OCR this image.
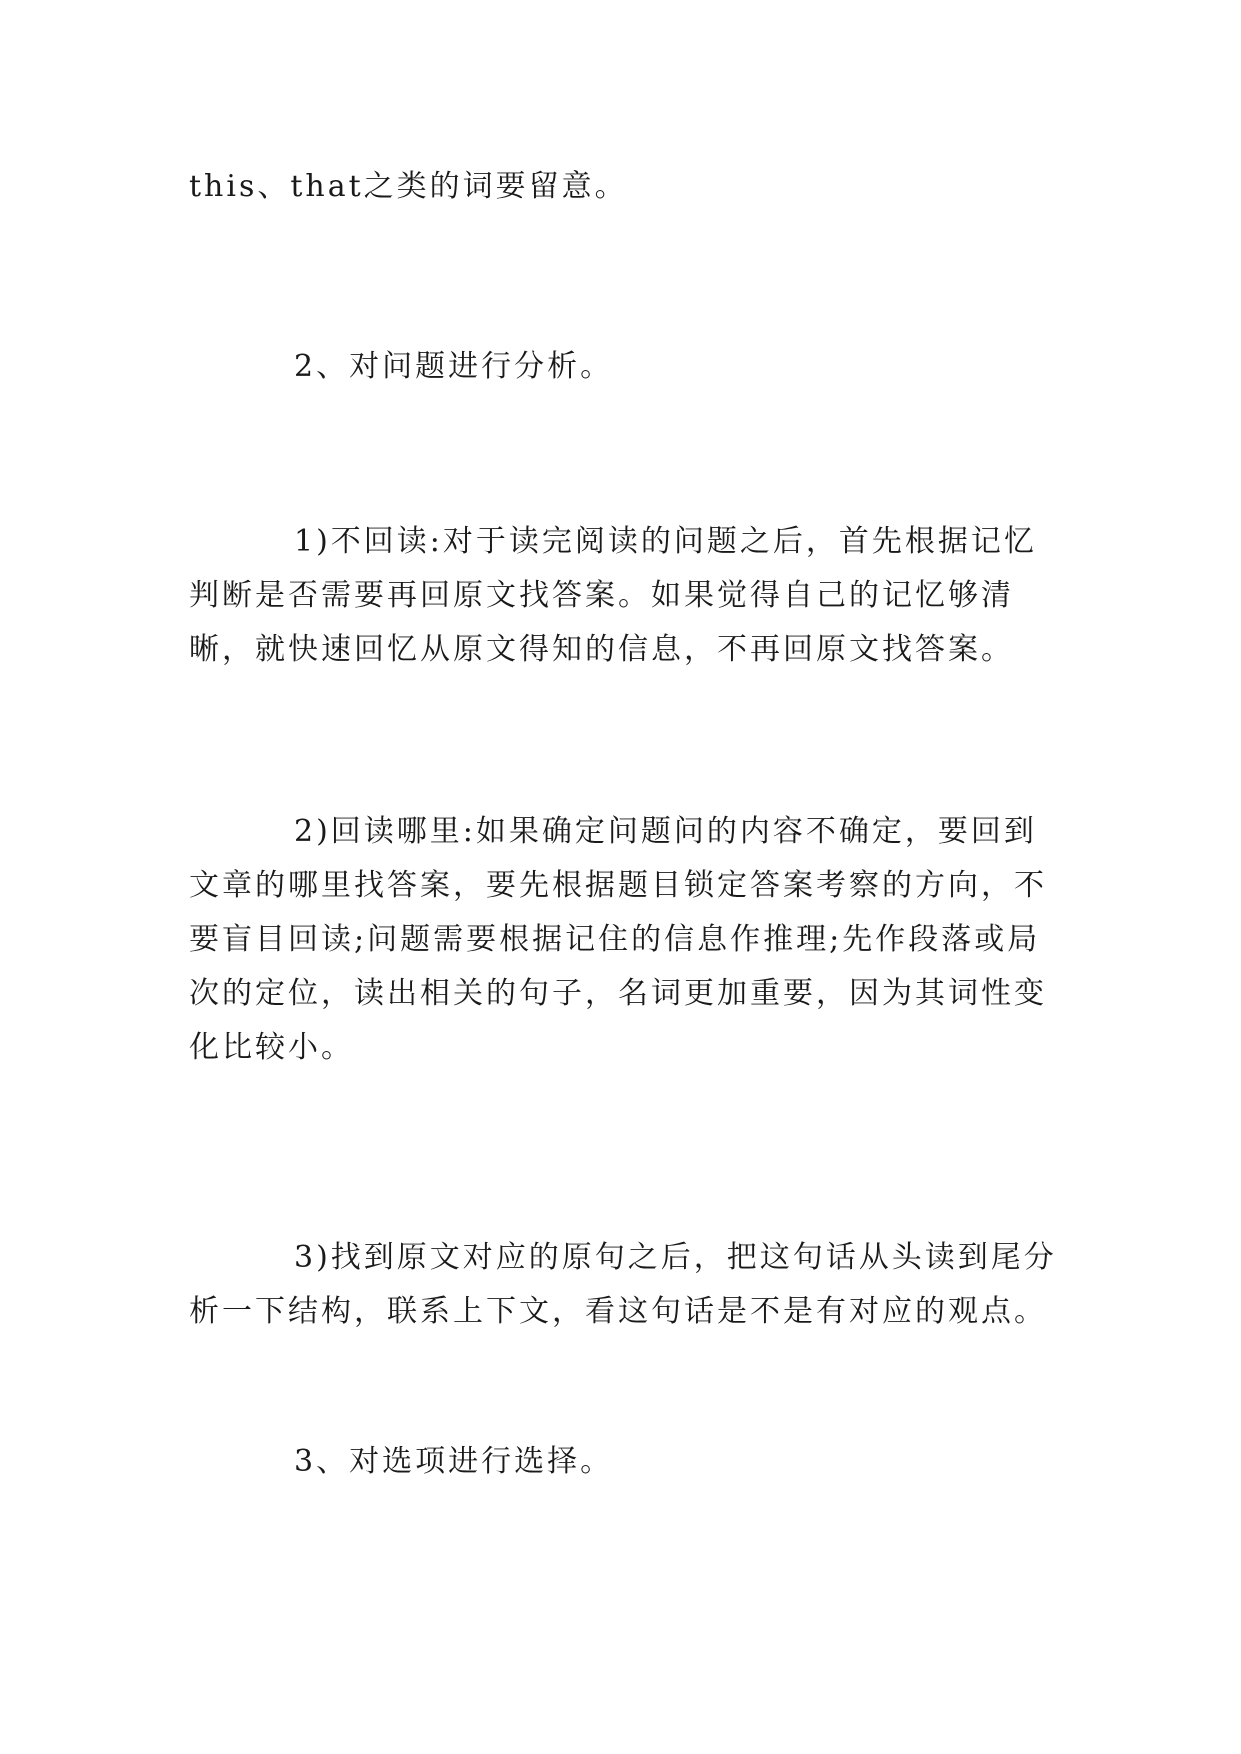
this、that之类的词要留意。

2、对问题进行分析。

1)不回读:对于读完阅读的问题之后，首先根据记忆判断是否需要再回原文找答案。如果觉得自己的记忆够清晰，就快速回忆从原文得知的信息，不再回原文找答案。

2)回读哪里:如果确定问题问的内容不确定，要回到文章的哪里找答案，要先根据题目锁定答案考察的方向，不要盲目回读;问题需要根据记住的信息作推理;先作段落或局次的定位，读出相关的句子，名词更加重要，因为其词性变化比较小。

3)找到原文对应的原句之后，把这句话从头读到尾分析一下结构，联系上下文，看这句话是不是有对应的观点。

3、对选项进行选择。
